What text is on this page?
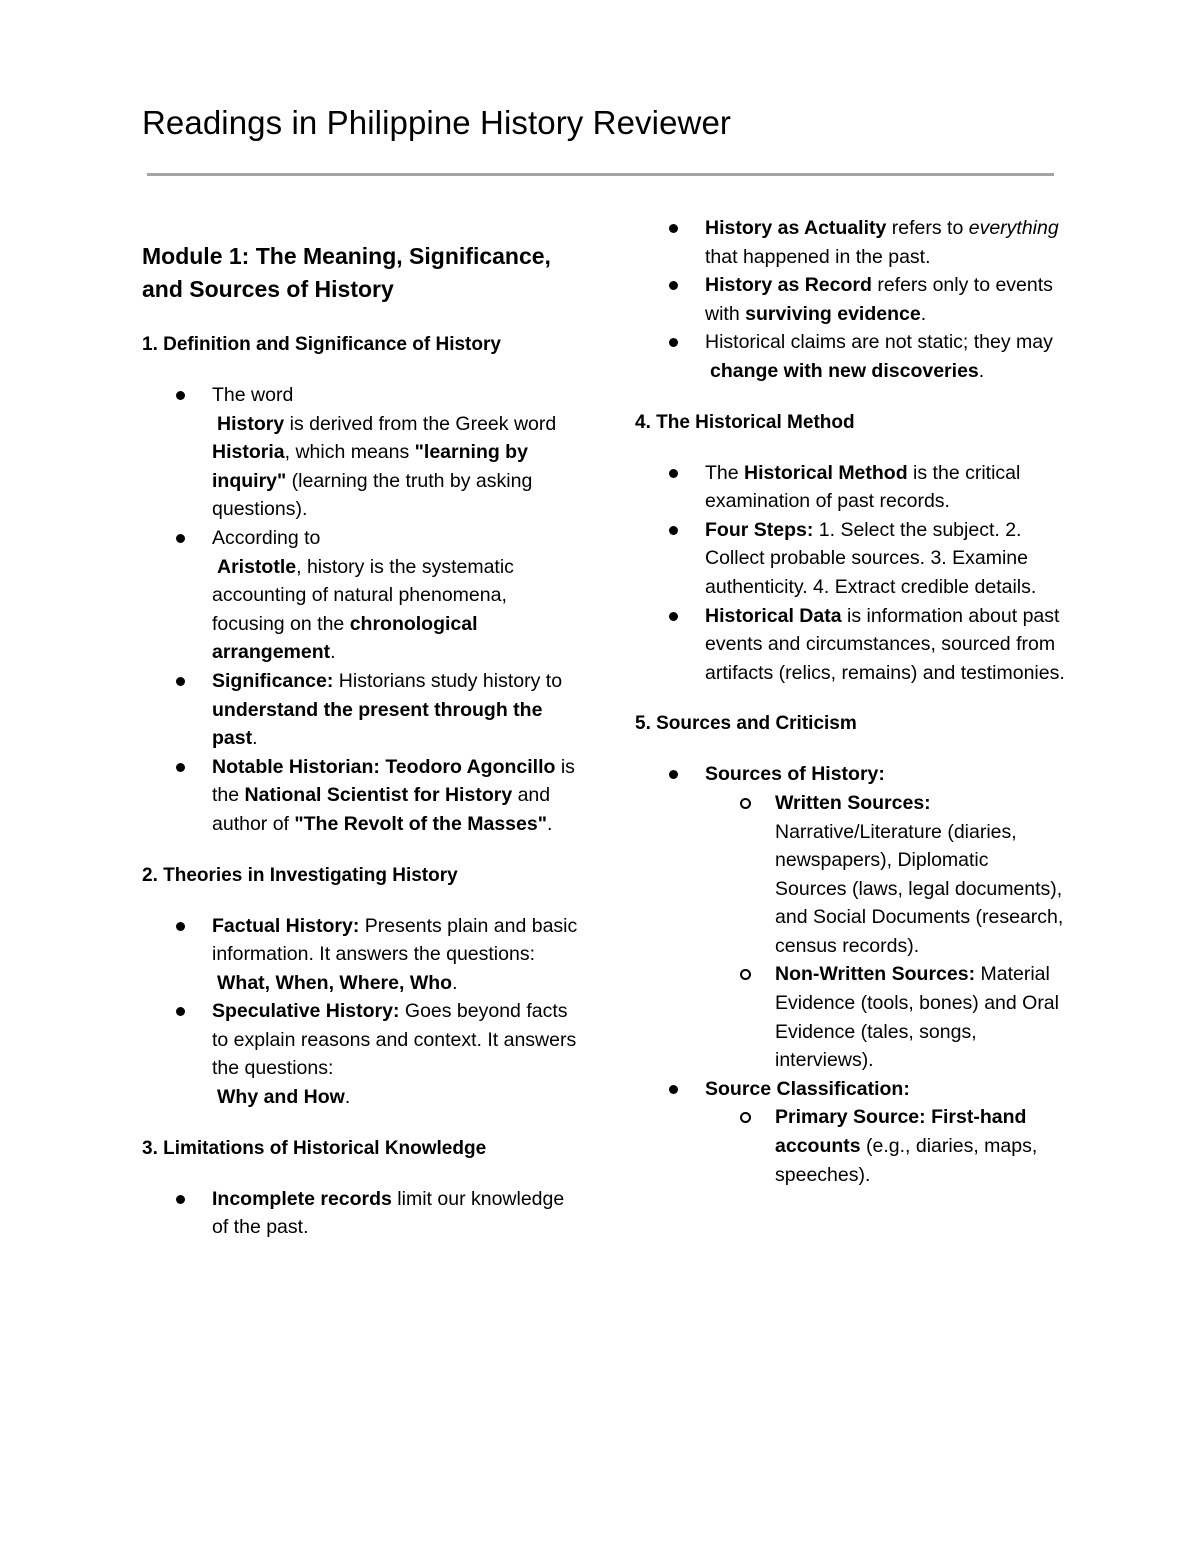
Readings in Philippine History Reviewer
Module 1: The Meaning, Significance, and Sources of History
1. Definition and Significance of History
The word
History is derived from the Greek word Historia, which means "learning by inquiry" (learning the truth by asking questions).
According to
Aristotle, history is the systematic accounting of natural phenomena, focusing on the chronological arrangement.
Significance: Historians study history to understand the present through the past.
Notable Historian: Teodoro Agoncillo is the National Scientist for History and author of "The Revolt of the Masses".
2. Theories in Investigating History
Factual History: Presents plain and basic information. It answers the questions:
What, When, Where, Who.
Speculative History: Goes beyond facts to explain reasons and context. It answers the questions:
Why and How.
3. Limitations of Historical Knowledge
Incomplete records limit our knowledge of the past.
History as Actuality refers to everything that happened in the past.
History as Record refers only to events with surviving evidence.
Historical claims are not static; they may
change with new discoveries.
4. The Historical Method
The Historical Method is the critical examination of past records.
Four Steps: 1. Select the subject. 2. Collect probable sources. 3. Examine authenticity. 4. Extract credible details.
Historical Data is information about past events and circumstances, sourced from artifacts (relics, remains) and testimonies.
5. Sources and Criticism
Sources of History:
Written Sources: Narrative/Literature (diaries, newspapers), Diplomatic Sources (laws, legal documents), and Social Documents (research, census records).
Non-Written Sources: Material Evidence (tools, bones) and Oral Evidence (tales, songs, interviews).
Source Classification:
Primary Source: First-hand accounts (e.g., diaries, maps, speeches).
